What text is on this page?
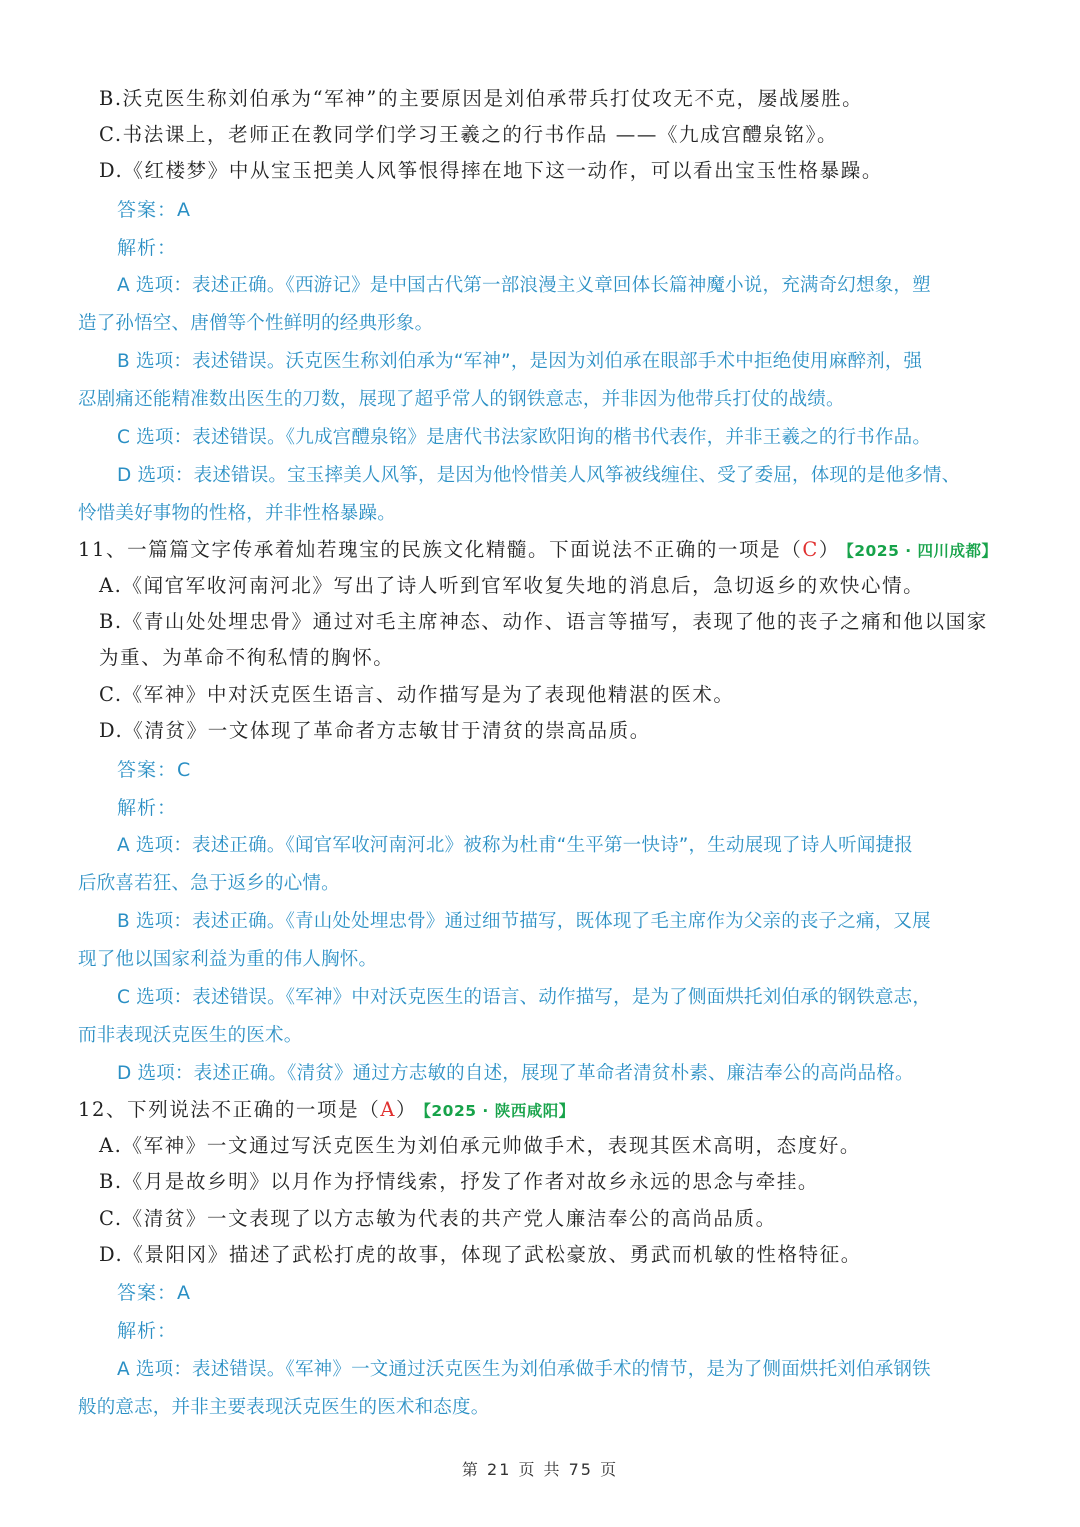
B.沃克医生称刘伯承为“军神”的主要原因是刘伯承带兵打仗攻无不克，屡战屡胜。
C.书法课上，老师正在教同学们学习王羲之的行书作品 ——《九成宫醴泉铭》。
D.《红楼梦》中从宝玉把美人风筝恨得摔在地下这一动作，可以看出宝玉性格暴躁。
答案：A
解析：
A 选项：表述正确。《西游记》是中国古代第一部浪漫主义章回体长篇神魔小说，充满奇幻想象，塑
造了孙悟空、唐僧等个性鲜明的经典形象。
B 选项：表述错误。沃克医生称刘伯承为“军神”，是因为刘伯承在眼部手术中拒绝使用麻醉剂，强
忍剧痛还能精准数出医生的刀数，展现了超乎常人的钢铁意志，并非因为他带兵打仗的战绩。
C 选项：表述错误。《九成宫醴泉铭》是唐代书法家欧阳询的楷书代表作，并非王羲之的行书作品。
D 选项：表述错误。宝玉摔美人风筝，是因为他怜惜美人风筝被线缠住、受了委屈，体现的是他多情、
怜惜美好事物的性格，并非性格暴躁。
11、一篇篇文字传承着灿若瑰宝的民族文化精髓。下面说法不正确的一项是（C） 【2025 · 四川成都】
A.《闻官军收河南河北》写出了诗人听到官军收复失地的消息后，急切返乡的欢快心情。
B.《青山处处埋忠骨》通过对毛主席神态、动作、语言等描写，表现了他的丧子之痛和他以国家
为重、为革命不徇私情的胸怀。
C.《军神》中对沃克医生语言、动作描写是为了表现他精湛的医术。
D.《清贫》一文体现了革命者方志敏甘于清贫的崇高品质。
答案：C
解析：
A 选项：表述正确。《闻官军收河南河北》被称为杜甫“生平第一快诗”，生动展现了诗人听闻捷报
后欣喜若狂、急于返乡的心情。
B 选项：表述正确。《青山处处埋忠骨》通过细节描写，既体现了毛主席作为父亲的丧子之痛，又展
现了他以国家利益为重的伟人胸怀。
C 选项：表述错误。《军神》中对沃克医生的语言、动作描写，是为了侧面烘托刘伯承的钢铁意志，
而非表现沃克医生的医术。
D 选项：表述正确。《清贫》通过方志敏的自述，展现了革命者清贫朴素、廉洁奉公的高尚品格。
12、下列说法不正确的一项是（A） 【2025 · 陕西咸阳】
A.《军神》一文通过写沃克医生为刘伯承元帅做手术，表现其医术高明，态度好。
B.《月是故乡明》以月作为抒情线索，抒发了作者对故乡永远的思念与牵挂。
C.《清贫》一文表现了以方志敏为代表的共产党人廉洁奉公的高尚品质。
D.《景阳冈》描述了武松打虎的故事，体现了武松豪放、勇武而机敏的性格特征。
答案：A
解析：
A 选项：表述错误。《军神》一文通过沃克医生为刘伯承做手术的情节，是为了侧面烘托刘伯承钢铁
般的意志，并非主要表现沃克医生的医术和态度。
第 21 页 共 75 页
